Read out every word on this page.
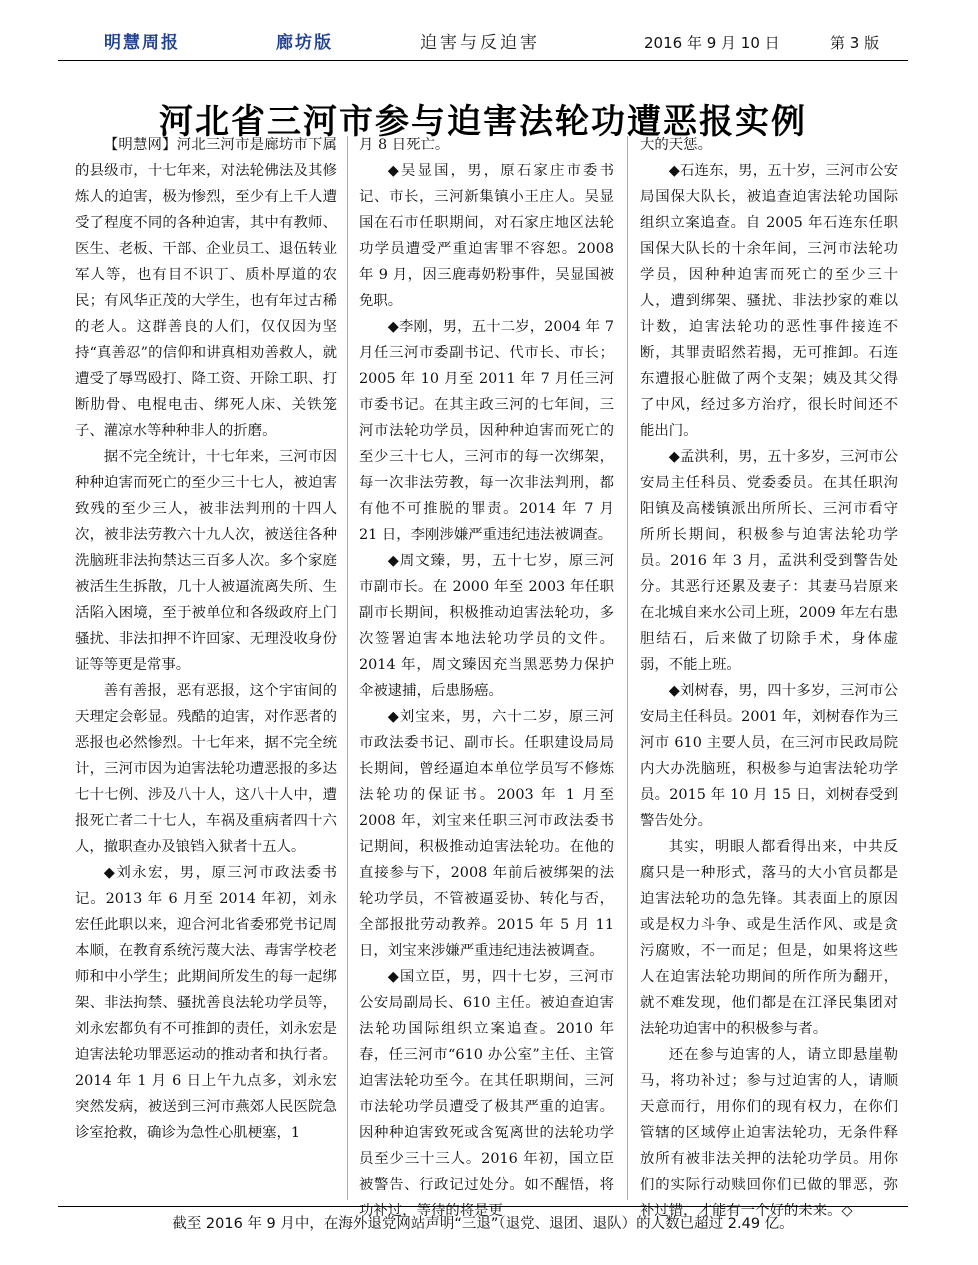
明慧周报	廊坊版	迫害与反迫害	2016 年 9 月 10 日	第 3 版
河北省三河市参与迫害法轮功遭恶报实例

【明慧网】河北三河市是廊坊市下属的县级市，十七年来，对法轮佛法及其修炼人的迫害，极为惨烈，至少有上千人遭受了程度不同的各种迫害，其中有教师、医生、老板、干部、企业员工、退伍转业军人等，也有目不识丁、质朴厚道的农民；有风华正茂的大学生，也有年过古稀的老人。这群善良的人们，仅仅因为坚持“真善忍”的信仰和讲真相劝善救人，就遭受了辱骂殴打、降工资、开除工职、打断肋骨、电棍电击、绑死人床、关铁笼子、灌凉水等种种非人的折磨。

据不完全统计，十七年来，三河市因种种迫害而死亡的至少三十七人，被迫害致残的至少三人，被非法判刑的十四人次，被非法劳教六十九人次，被送往各种洗脑班非法拘禁达三百多人次。多个家庭被活生生拆散，几十人被逼流离失所、生活陷入困境，至于被单位和各级政府上门骚扰、非法扣押不许回家、无理没收身份证等等更是常事。

善有善报，恶有恶报，这个宇宙间的天理定会彰显。残酷的迫害，对作恶者的恶报也必然惨烈。十七年来，据不完全统计，三河市因为迫害法轮功遭恶报的多达七十七例、涉及八十人，这八十人中，遭报死亡者二十七人，车祸及重病者四十六人，撤职查办及锒铛入狱者十五人。

◆刘永宏，男，原三河市政法委书记。2013 年 6 月至 2014 年初，刘永宏任此职以来，迎合河北省委邪党书记周本顺，在教育系统污蔑大法、毒害学校老师和中小学生；此期间所发生的每一起绑架、非法拘禁、骚扰善良法轮功学员等，刘永宏都负有不可推卸的责任，刘永宏是迫害法轮功罪恶运动的推动者和执行者。2014 年 1 月 6 日上午九点多，刘永宏突然发病，被送到三河市燕郊人民医院急诊室抢救，确诊为急性心肌梗塞，1

月 8 日死亡。

◆吴显国，男，原石家庄市委书记、市长，三河新集镇小王庄人。吴显国在石市任职期间，对石家庄地区法轮功学员遭受严重迫害罪不容恕。2008 年 9 月，因三鹿毒奶粉事件，吴显国被免职。

◆李刚，男，五十二岁，2004 年 7 月任三河市委副书记、代市长、市长；2005 年 10 月至 2011 年 7 月任三河市委书记。在其主政三河的七年间，三河市法轮功学员，因种种迫害而死亡的至少三十七人，三河市的每一次绑架，每一次非法劳教，每一次非法判刑，都有他不可推脱的罪责。2014 年 7 月 21 日，李刚涉嫌严重违纪违法被调查。

◆周文臻，男，五十七岁，原三河市副市长。在 2000 年至 2003 年任职副市长期间，积极推动迫害法轮功，多次签署迫害本地法轮功学员的文件。2014 年，周文臻因充当黑恶势力保护伞被逮捕，后患肠癌。

◆刘宝来，男，六十二岁，原三河市政法委书记、副市长。任职建设局局长期间，曾经逼迫本单位学员写不修炼法轮功的保证书。2003 年 1 月至 2008 年，刘宝来任职三河市政法委书记期间，积极推动迫害法轮功。在他的直接参与下，2008 年前后被绑架的法轮功学员，不管被逼妥协、转化与否，全部报批劳动教养。2015 年 5 月 11 日，刘宝来涉嫌严重违纪违法被调查。

◆国立臣，男，四十七岁，三河市公安局副局长、610 主任。被迫查迫害法轮功国际组织立案追查。2010 年春，任三河市“610 办公室”主任、主管迫害法轮功至今。在其任职期间，三河市法轮功学员遭受了极其严重的迫害。因种种迫害致死或含冤离世的法轮功学员至少三十三人。2016 年初，国立臣被警告、行政记过处分。如不醒悟，将功补过，等待的将是更

大的天惩。

◆石连东，男，五十岁，三河市公安局国保大队长，被追查迫害法轮功国际组织立案追查。自 2005 年石连东任职国保大队长的十余年间，三河市法轮功学员，因种种迫害而死亡的至少三十人，遭到绑架、骚扰、非法抄家的难以计数，迫害法轮功的恶性事件接连不断，其罪责昭然若揭，无可推卸。石连东遭报心脏做了两个支架；姨及其父得了中风，经过多方治疗，很长时间还不能出门。

◆孟洪利，男，五十多岁，三河市公安局主任科员、党委委员。在其任职泃阳镇及高楼镇派出所所长、三河市看守所所长期间，积极参与迫害法轮功学员。2016 年 3 月，孟洪利受到警告处分。其恶行还累及妻子：其妻马岩原来在北城自来水公司上班，2009 年左右患胆结石，后来做了切除手术，身体虚弱，不能上班。

◆刘树春，男，四十多岁，三河市公安局主任科员。2001 年，刘树春作为三河市 610 主要人员，在三河市民政局院内大办洗脑班，积极参与迫害法轮功学员。2015 年 10 月 15 日，刘树春受到警告处分。

其实，明眼人都看得出来，中共反腐只是一种形式，落马的大小官员都是迫害法轮功的急先锋。其表面上的原因或是权力斗争、或是生活作风、或是贪污腐败，不一而足；但是，如果将这些人在迫害法轮功期间的所作所为翻开，就不难发现，他们都是在江泽民集团对法轮功迫害中的积极参与者。

还在参与迫害的人，请立即悬崖勒马，将功补过；参与过迫害的人，请顺天意而行，用你们的现有权力，在你们管辖的区域停止迫害法轮功，无条件释放所有被非法关押的法轮功学员。用你们的实际行动赎回你们已做的罪恶，弥补过错，才能有一个好的未来。◇

截至 2016 年 9 月中，在海外退党网站声明“三退”（退党、退团、退队）的人数已超过 2.49 亿。
